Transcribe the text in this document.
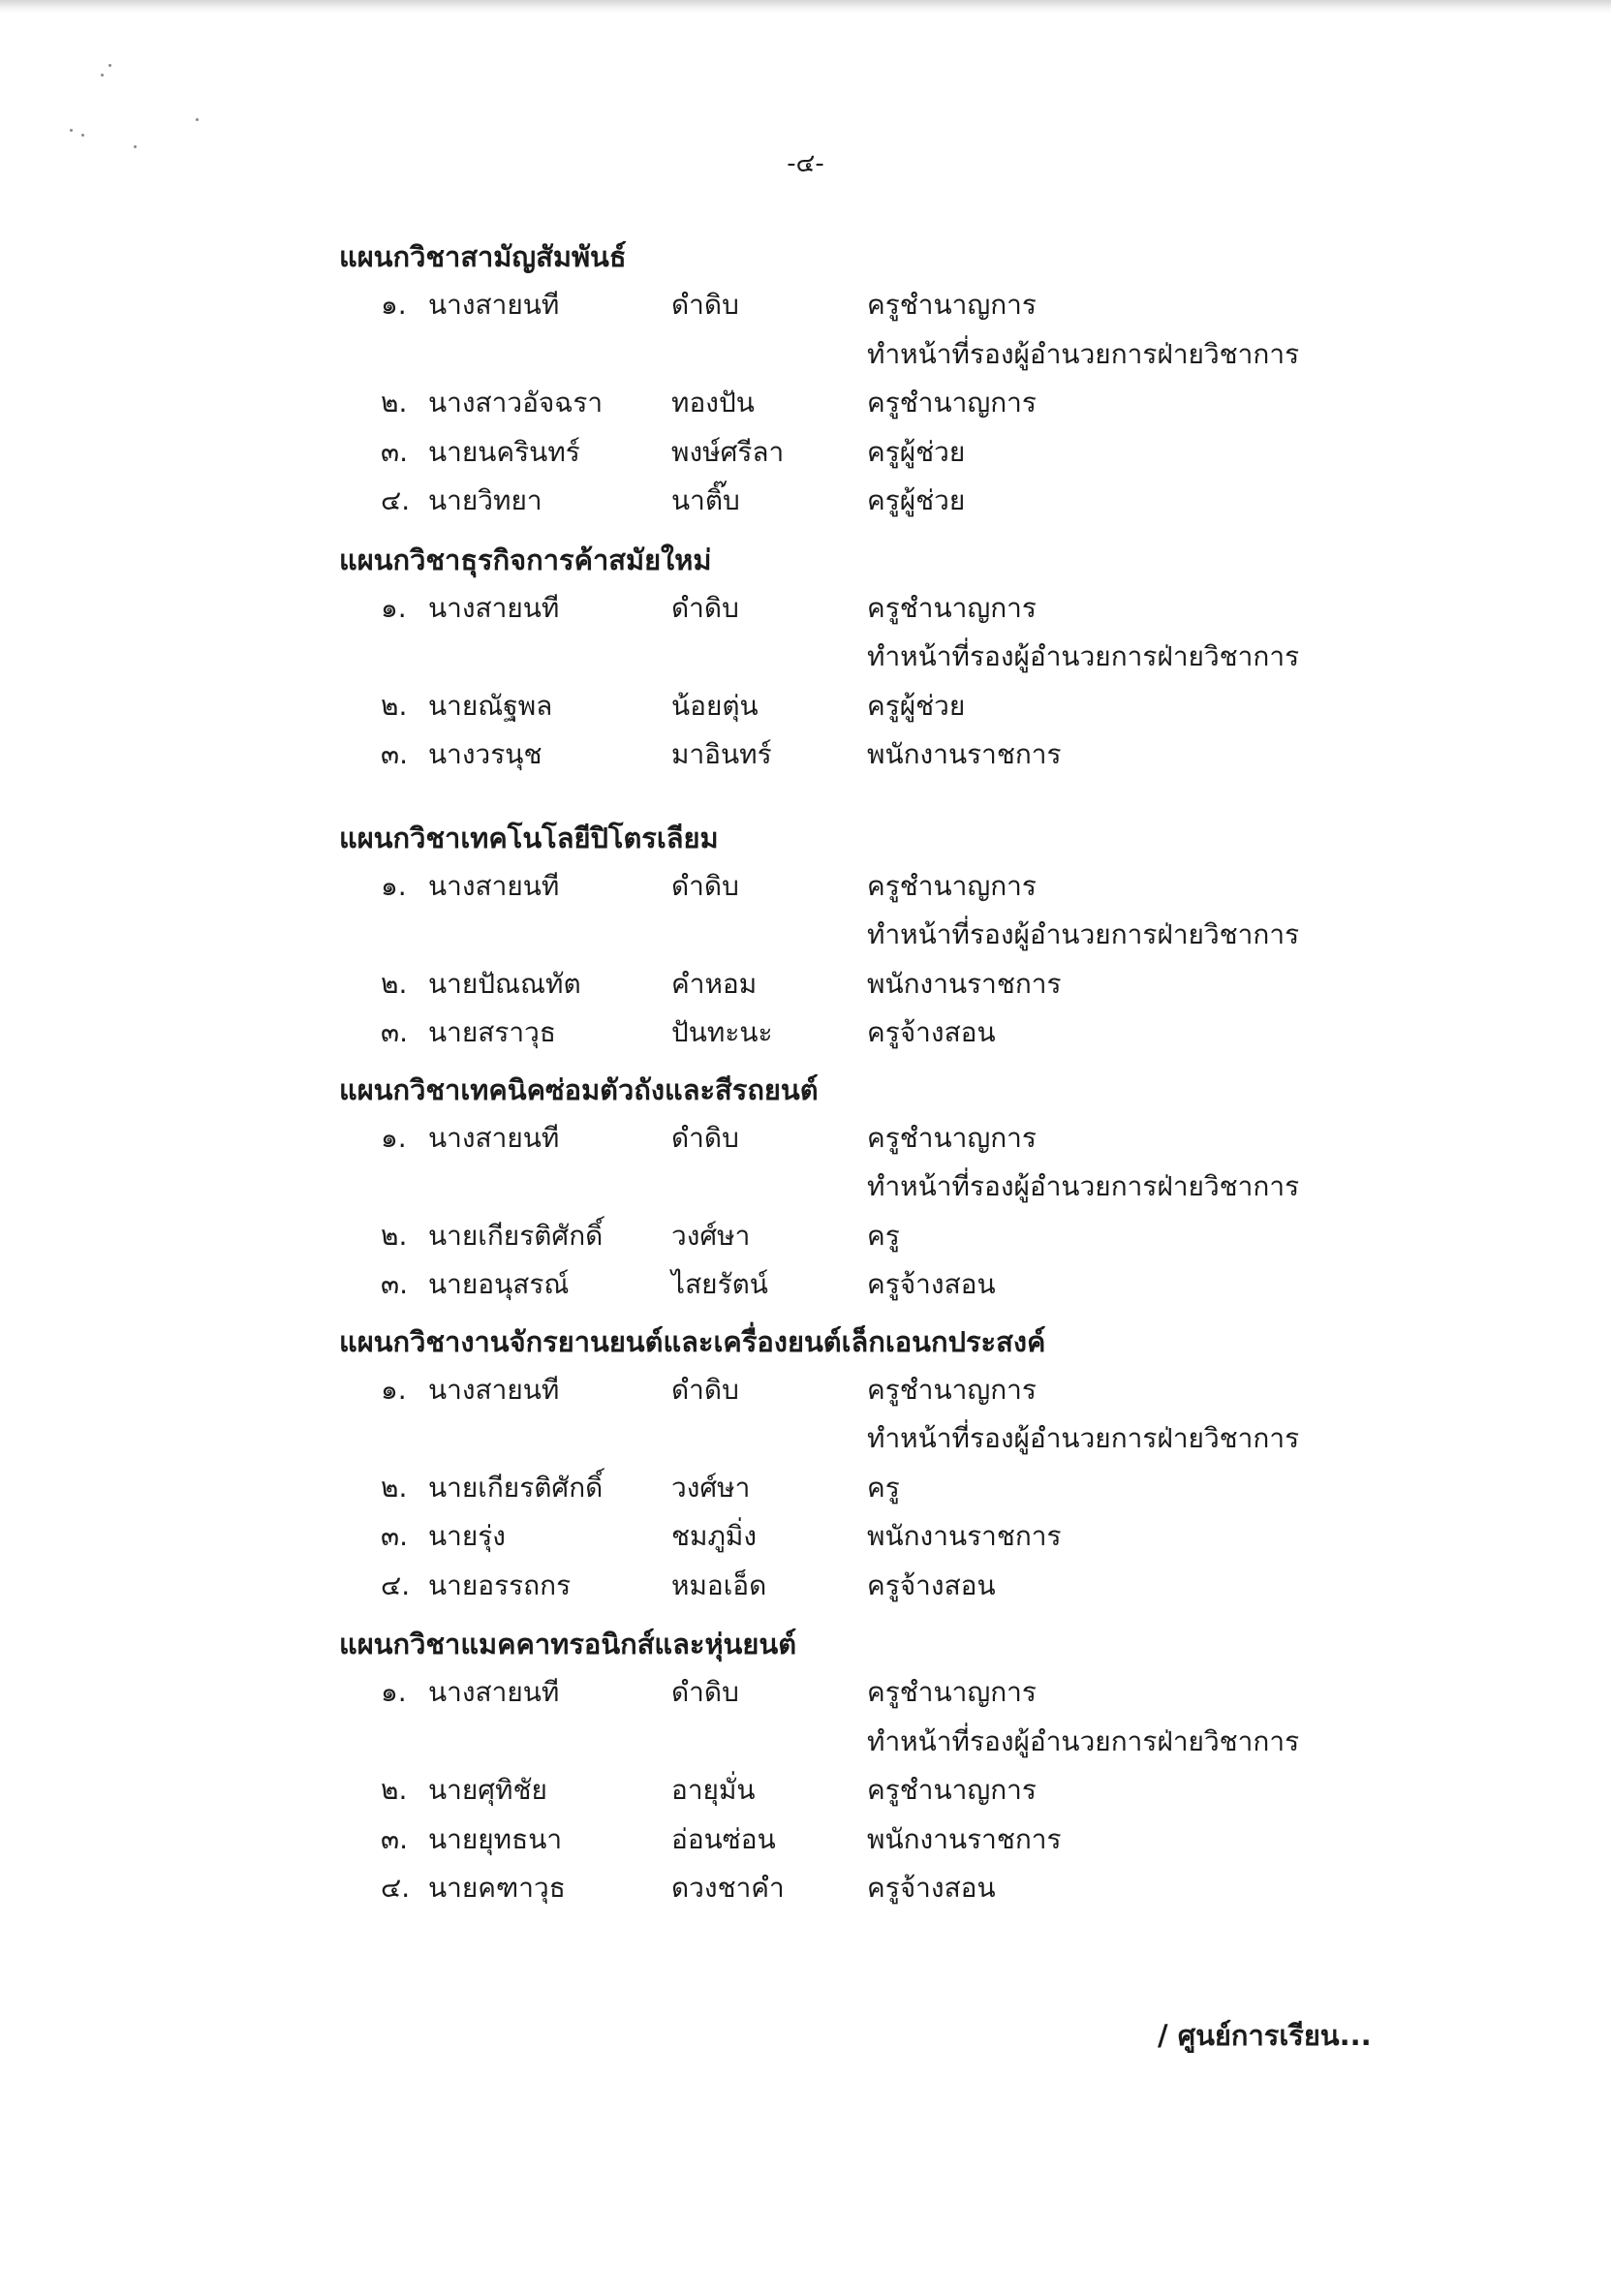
-๔-
แผนกวิชาสามัญสัมพันธ์
๑. นางสายนที	ดำดิบ	ครูชำนาญการ
ทำหน้าที่รองผู้อำนวยการฝ่ายวิชาการ
๒. นางสาวอัจฉรา	ทองปัน	ครูชำนาญการ
๓. นายนครินทร์	พงษ์ศรีลา	ครูผู้ช่วย
๔. นายวิทยา	นาติ๊บ	ครูผู้ช่วย
แผนกวิชาธุรกิจการค้าสมัยใหม่
๑. นางสายนที	ดำดิบ	ครูชำนาญการ
ทำหน้าที่รองผู้อำนวยการฝ่ายวิชาการ
๒. นายณัฐพล	น้อยตุ่น	ครูผู้ช่วย
๓. นางวรนุช	มาอินทร์	พนักงานราชการ
แผนกวิชาเทคโนโลยีปิโตรเลียม
๑. นางสายนที	ดำดิบ	ครูชำนาญการ
ทำหน้าที่รองผู้อำนวยการฝ่ายวิชาการ
๒. นายปัณณทัต	คำหอม	พนักงานราชการ
๓. นายสราวุธ	ปันทะนะ	ครูจ้างสอน
แผนกวิชาเทคนิคซ่อมตัวถังและสีรถยนต์
๑. นางสายนที	ดำดิบ	ครูชำนาญการ
ทำหน้าที่รองผู้อำนวยการฝ่ายวิชาการ
๒. นายเกียรติศักดิ์	วงศ์ษา	ครู
๓. นายอนุสรณ์	ไสยรัตน์	ครูจ้างสอน
แผนกวิชางานจักรยานยนต์และเครื่องยนต์เล็กเอนกประสงค์
๑. นางสายนที	ดำดิบ	ครูชำนาญการ
ทำหน้าที่รองผู้อำนวยการฝ่ายวิชาการ
๒. นายเกียรติศักดิ์	วงศ์ษา	ครู
๓. นายรุ่ง	ชมภูมิ่ง	พนักงานราชการ
๔. นายอรรถกร	หมอเอ็ด	ครูจ้างสอน
แผนกวิชาแมคคาทรอนิกส์และหุ่นยนต์
๑. นางสายนที	ดำดิบ	ครูชำนาญการ
ทำหน้าที่รองผู้อำนวยการฝ่ายวิชาการ
๒. นายศุทิชัย	อายุมั่น	ครูชำนาญการ
๓. นายยุทธนา	อ่อนซ่อน	พนักงานราชการ
๔. นายคฑาวุธ	ดวงชาคำ	ครูจ้างสอน
/ ศูนย์การเรียน...
